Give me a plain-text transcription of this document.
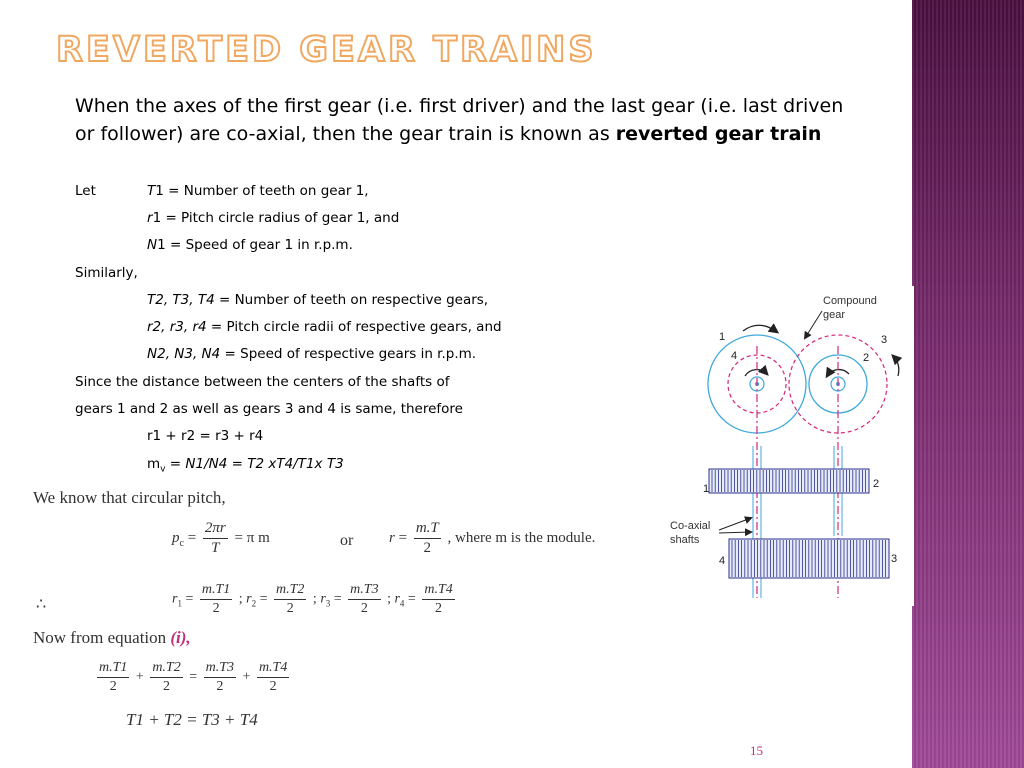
REVERTED GEAR TRAINS

When the axes of the first gear (i.e. first driver) and the last gear (i.e. last driven or follower) are co-axial, then the gear train is known as reverted gear train

Let	T1 = Number of teeth on gear 1,
r1 = Pitch circle radius of gear 1, and
N1 = Speed of gear 1 in r.p.m.
Similarly,
T2, T3, T4 = Number of teeth on respective gears,
r2, r3, r4 = Pitch circle radii of respective gears, and
N2, N3, N4 = Speed of respective gears in r.p.m.
Since the distance between the centers of the shafts of
gears 1 and 2 as well as gears 3 and 4 is same, therefore
r1 + r2 = r3 + r4
$m_v = N1/N4 = T2$ xT4/T1x T3
We know that circular pitch,
$p_c = \frac{2\pi r}{T} = \pi$ m	or $r = \frac{m.T}{2}$ , where m is the module.
∴	$r_1 = \frac{m.T1}{2}$ ; $r_2 = \frac{m.T2}{2}$ ; $r_3 = \frac{m.T3}{2}$ ; $r_4 = \frac{m.T4}{2}$
Now from equation (i),
$\frac{m.T1}{2} + \frac{m.T2}{2} = \frac{m.T3}{2} + \frac{m.T4}{2}$
T1 + T2 = T3 + T4
Compound
gear
1
4	2
3
1	2
3
4
Co-axial
shafts
15
